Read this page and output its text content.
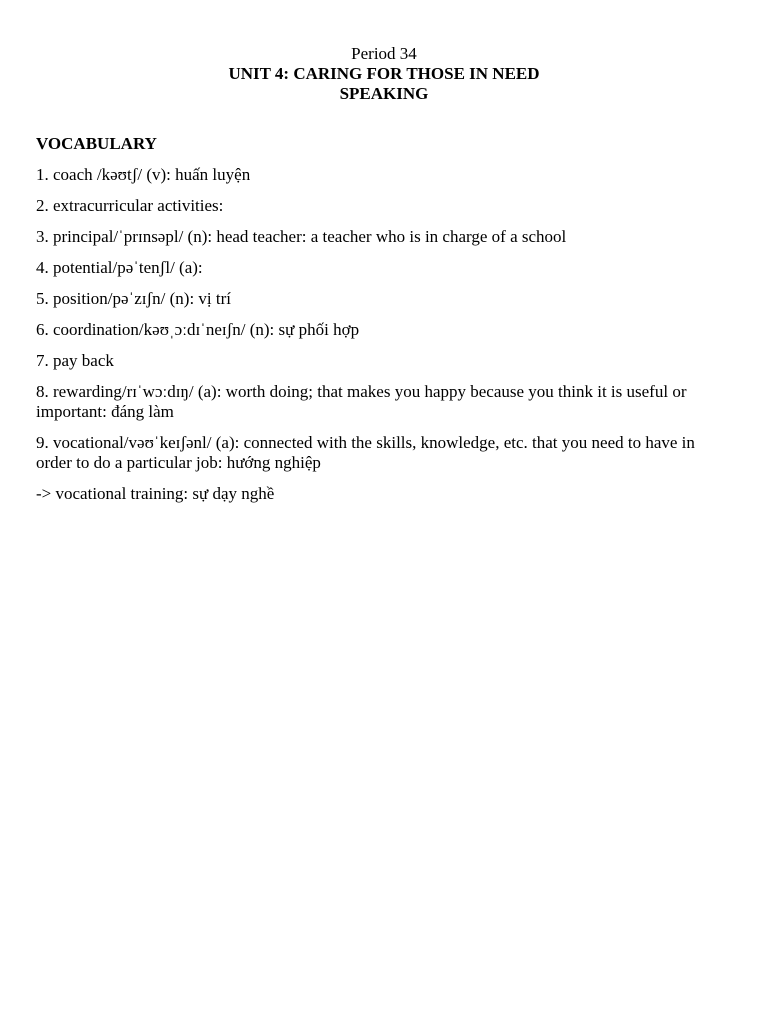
Period 34
UNIT 4: CARING FOR THOSE IN NEED
SPEAKING
VOCABULARY
1. coach /kəʊtʃ/ (v): huấn luyện
2. extracurricular activities:
3. principal/ˈprɪnsəpl/ (n): head teacher: a teacher who is in charge of a school
4. potential/pəˈtenʃl/ (a):
5. position/pəˈzɪʃn/ (n): vị trí
6. coordination/kəʊˌɔːdɪˈneɪʃn/ (n): sự phối hợp
7. pay back
8. rewarding/rɪˈwɔːdɪŋ/ (a): worth doing; that makes you happy because you think it is useful or important: đáng làm
9. vocational/vəʊˈkeɪʃənl/ (a): connected with the skills, knowledge, etc. that you need to have in order to do a particular job: hướng nghiệp
-> vocational training: sự dạy nghề
